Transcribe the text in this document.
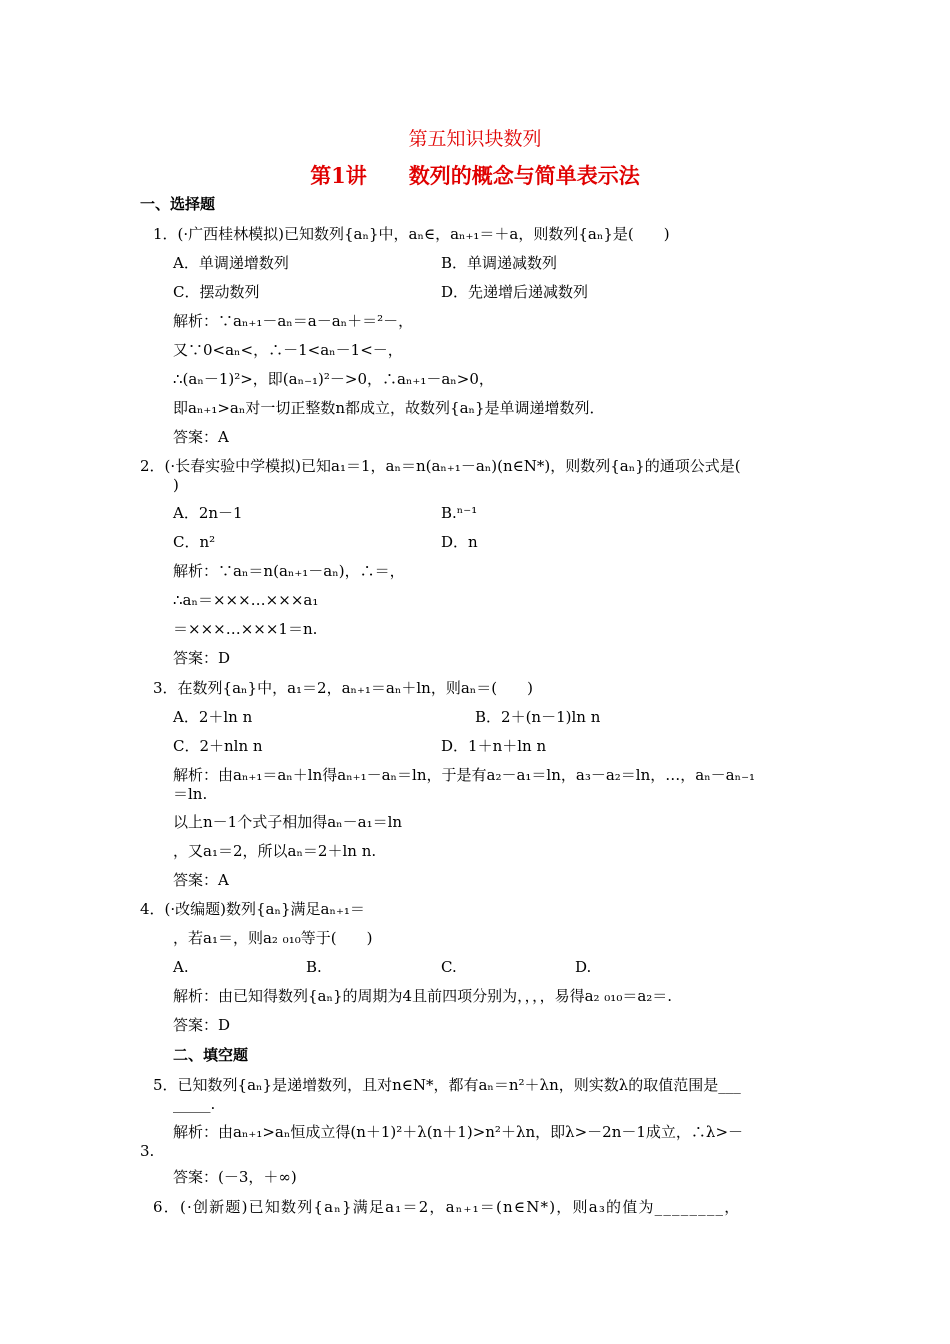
第五知识块数列
第1讲　　数列的概念与简单表示法
一、选择题
1．(·广西桂林模拟)已知数列{aₙ}中，aₙ∈，aₙ₊₁＝＋a，则数列{aₙ}是(　　)
A．单调递增数列	B．单调递减数列
C．摆动数列	D．先递增后递减数列
解析：∵aₙ₊₁－aₙ＝a－aₙ＋＝²－，
又∵0<aₙ<，∴－1<aₙ－1<－，
∴(aₙ－1)²>，即(aₙ₋₁)²－>0，∴aₙ₊₁－aₙ>0，
即aₙ₊₁>aₙ对一切正整数n都成立，故数列{aₙ}是单调递增数列．
答案：A
2．(·长春实验中学模拟)已知a₁＝1，aₙ＝n(aₙ₊₁－aₙ)(n∈N*)，则数列{aₙ}的通项公式是(
)
A．2n－1	B.ⁿ⁻¹
C．n²	D．n
解析：∵aₙ＝n(aₙ₊₁－aₙ)，∴＝，
∴aₙ＝×××…×××a₁
＝×××…×××1＝n.
答案：D
3．在数列{aₙ}中，a₁＝2，aₙ₊₁＝aₙ＋ln，则aₙ＝(　　)
A．2＋ln n	B．2＋(n－1)ln n
C．2＋nln n	D．1＋n＋ln n
解析：由aₙ₊₁＝aₙ＋ln得aₙ₊₁－aₙ＝ln，于是有a₂－a₁＝ln，a₃－a₂＝ln，…，aₙ－aₙ₋₁
＝ln.
以上n－1个式子相加得aₙ－a₁＝ln
，又a₁＝2，所以aₙ＝2＋ln n.
答案：A
4．(·改编题)数列{aₙ}满足aₙ₊₁＝
，若a₁＝，则a₂ ₀₁₀等于(　　)
A.	B.	C.	D.
解析：由已知得数列{aₙ}的周期为4且前四项分别为，，，，易得a₂ ₀₁₀＝a₂＝.
答案：D
二、填空题
5．已知数列{aₙ}是递增数列，且对n∈N*，都有aₙ＝n²＋λn，则实数λ的取值范围是___
_____.
解析：由aₙ₊₁>aₙ恒成立得(n＋1)²＋λ(n＋1)>n²＋λn，即λ>－2n－1成立，∴λ>－
3.
答案：(－3，＋∞)
6．(·创新题)已知数列{aₙ}满足a₁＝2，aₙ₊₁＝(n∈N*)，则a₃的值为________，
